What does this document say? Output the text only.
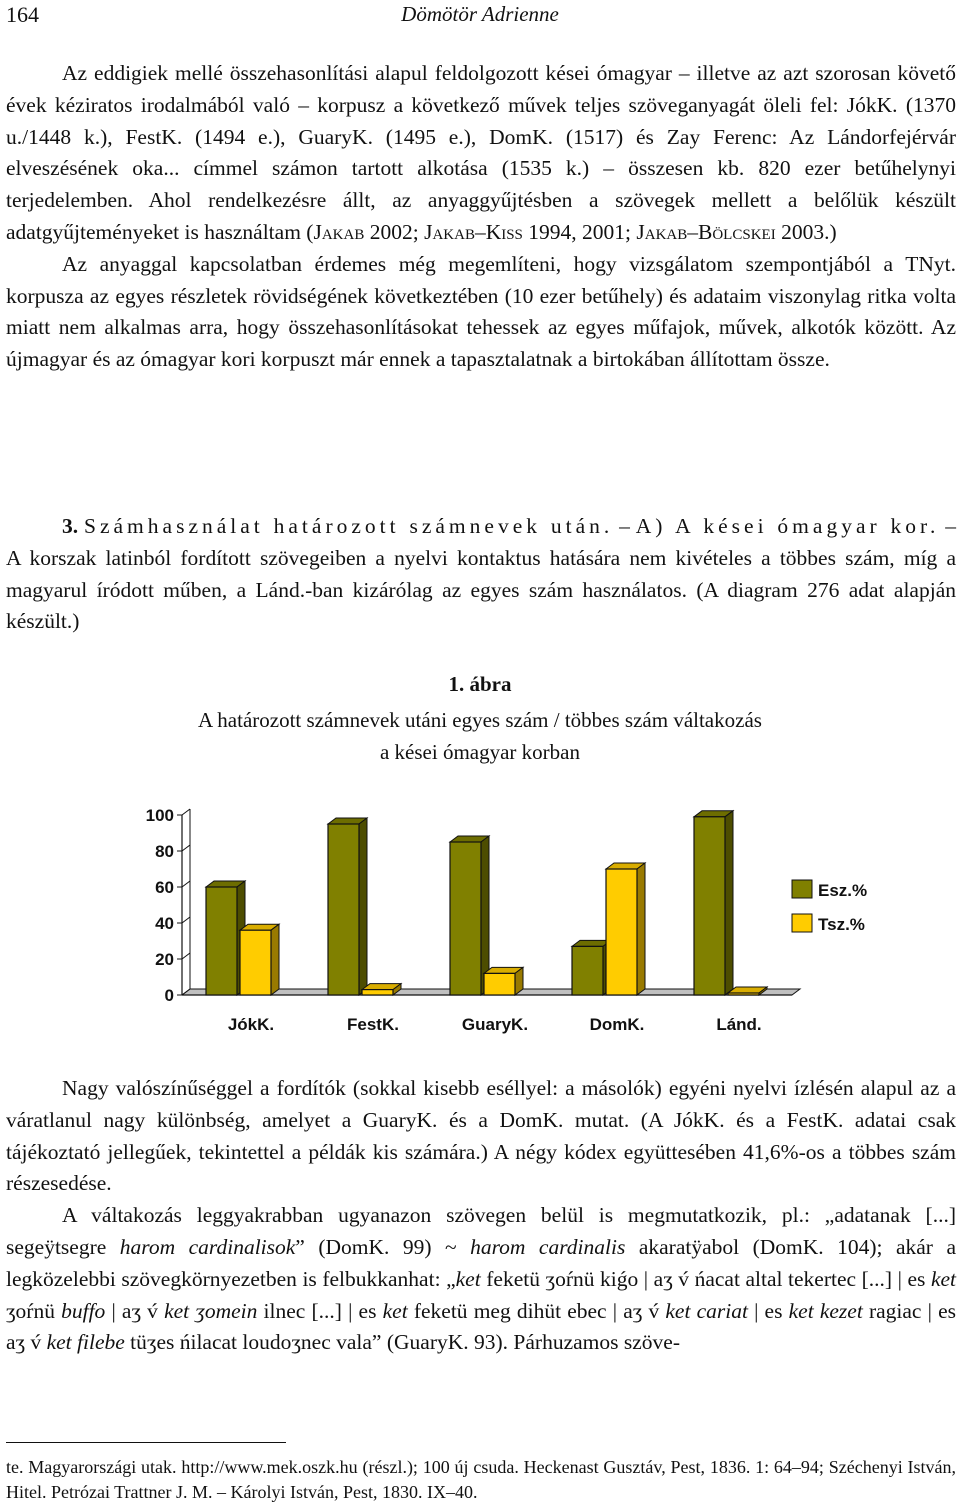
164	Dömötör Adrienne

Az eddigiek mellé összehasonlítási alapul feldolgozott kései ómagyar – illetve az azt szorosan követő évek kéziratos irodalmából való – korpusz a következő művek teljes szöveganyagát öleli fel: JókK. (1370 u./1448 k.), FestK. (1494 e.), GuaryK. (1495 e.), DomK. (1517) és Zay Ferenc: Az Lándorfejérvár elveszésének oka... címmel számon tartott alkotása (1535 k.) – összesen kb. 820 ezer betűhelynyi terjedelemben. Ahol rendelkezésre állt, az anyaggyűjtésben a szövegek mellett a belőlük készült adatgyűjteményeket is használtam (Jakab 2002; Jakab–Kiss 1994, 2001; Jakab–Bölcskei 2003.)

Az anyaggal kapcsolatban érdemes még megemlíteni, hogy vizsgálatom szempontjából a TNyt. korpusza az egyes részletek rövidségének következtében (10 ezer betűhely) és adataim viszonylag ritka volta miatt nem alkalmas arra, hogy összehasonlításokat tehessek az egyes műfajok, művek, alkotók között. Az újmagyar és az ómagyar kori korpuszt már ennek a tapasztalatnak a birtokában állítottam össze.

3. Számhasználat határozott számnevek után. – A) A kései ómagyar kor. – A korszak latinból fordított szövegeiben a nyelvi kontaktus hatására nem kivételes a többes szám, míg a magyarul íródott műben, a Lánd.-ban kizárólag az egyes szám használatos. (A diagram 276 adat alapján készült.)

1. ábra
A határozott számnevek utáni egyes szám / többes szám váltakozás
a kései ómagyar korban
0
20
40
60
80
100
JókK.	FestK.	GuaryK.	DomK.	Lánd.
Esz.%
Tsz.%

Nagy valószínűséggel a fordítók (sokkal kisebb eséllyel: a másolók) egyéni nyelvi ízlésén alapul az a váratlanul nagy különbség, amelyet a GuaryK. és a DomK. mutat. (A JókK. és a FestK. adatai csak tájékoztató jellegűek, tekintettel a példák kis számára.) A négy kódex együttesében 41,6%-os a többes szám részesedése.

A váltakozás leggyakrabban ugyanazon szövegen belül is megmutatkozik, pl.: „adatanak [...] segeÿtsegre harom cardinalisok” (DomK. 99) ~ harom cardinalis akaratÿabol (DomK. 104); akár a legközelebbi szövegkörnyezetben is felbukkanhat: „ket feketü ʒoŕnü kiǵo | aʒ v́ ńacat altal tekertec [...] | es ket ʒoŕnü buffo | aʒ v́ ket ʒomein ilnec [...] | es ket feketü meg dihüt ebec | aʒ v́ ket cariat | es ket kezet ragiac | es aʒ v́ ket filebe tüʒes ńilacat loudoʒnec vala” (GuaryK. 93). Párhuzamos szöve-

te. Magyarországi utak. http://www.mek.oszk.hu (részl.); 100 új csuda. Heckenast Gusztáv, Pest, 1836. 1: 64–94; Széchenyi István, Hitel. Petrózai Trattner J. M. – Károlyi István, Pest, 1830. IX–40.
